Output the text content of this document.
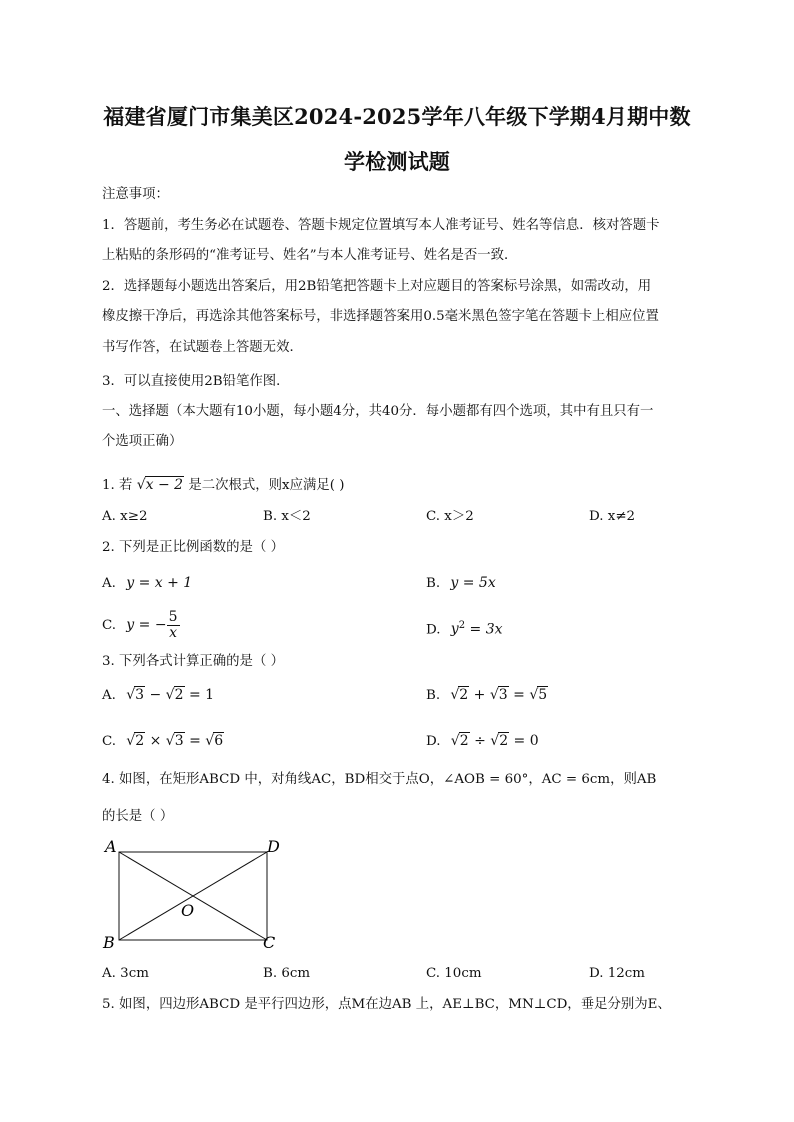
福建省厦门市集美区2024-2025学年八年级下学期4月期中数
学检测试题
注意事项：
1．答题前，考生务必在试题卷、答题卡规定位置填写本人准考证号、姓名等信息．核对答题卡
上粘贴的条形码的“准考证号、姓名”与本人准考证号、姓名是否一致．
2．选择题每小题选出答案后，用2B铅笔把答题卡上对应题目的答案标号涂黑，如需改动，用
橡皮擦干净后，再选涂其他答案标号，非选择题答案用0.5毫米黑色签字笔在答题卡上相应位置
书写作答，在试题卷上答题无效．
3．可以直接使用2B铅笔作图．
一、选择题（本大题有10小题，每小题4分，共40分．每小题都有四个选项，其中有且只有一
个选项正确）
1. 若 √x − 2 是二次根式，则x应满足( )
A. x≥2	B. x＜2	C. x＞2	D. x≠2
2. 下列是正比例函数的是（ ）
A. y = x + 1	B. y = 5x
C. y = − $\frac{5}{x}$	D. $y^2 = 3x$
3. 下列各式计算正确的是（ ）
A. √3 − √2 = 1	B. √2 + √3 = √5
C. √2 × √3 = √6	D. √2 ÷ √2 = 0
4. 如图，在矩形ABCD 中，对角线AC，BD相交于点O，∠AOB = 60°，AC = 6cm，则AB
的长是（ ）
A	D
B	C
O
A. 3cm	B. 6cm	C. 10cm	D. 12cm
5. 如图，四边形ABCD 是平行四边形，点M在边AB 上，AE⊥BC，MN⊥CD，垂足分别为E、
